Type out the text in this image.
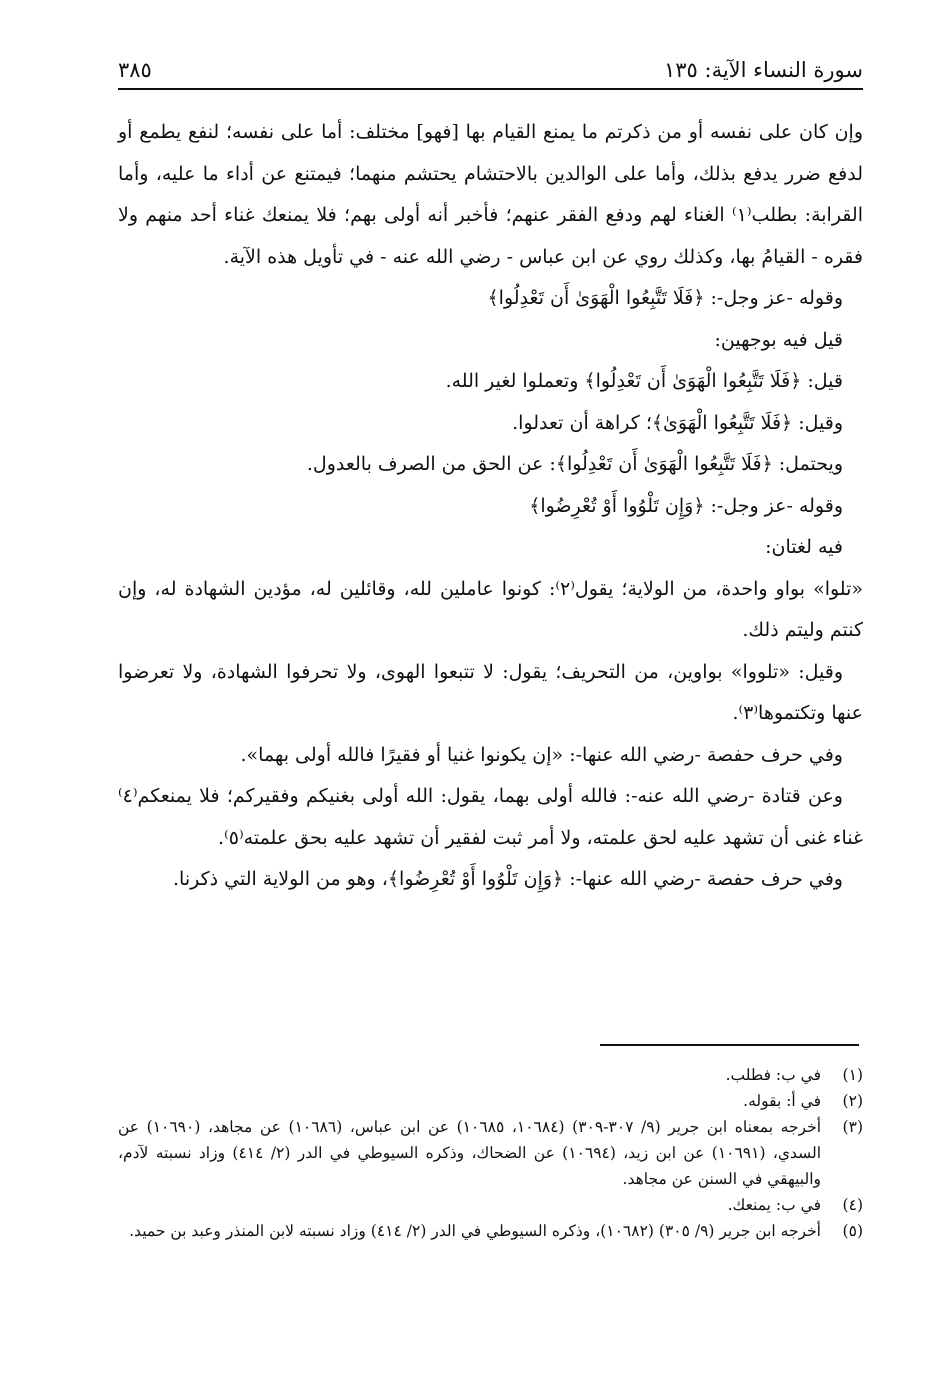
سورة النساء الآية: ١٣٥
٣٨٥

وإن كان على نفسه أو من ذكرتم ما يمنع القيام بها [فهو] مختلف: أما على نفسه؛ لنفع يطمع أو لدفع ضرر يدفع بذلك، وأما على الوالدين بالاحتشام يحتشم منهما؛ فيمتنع عن أداء ما عليه، وأما القرابة: بطلب⁽١⁾ الغناء لهم ودفع الفقر عنهم؛ فأخبر أنه أولى بهم؛ فلا يمنعك غناء أحد منهم ولا فقره - القيامُ بها، وكذلك روي عن ابن عباس - رضي الله عنه - في تأويل هذه الآية.

وقوله -عز وجل-: ﴿فَلَا تَتَّبِعُوا الْهَوَىٰ أَن تَعْدِلُوا﴾

قيل فيه بوجهين:

قيل: ﴿فَلَا تَتَّبِعُوا الْهَوَىٰ أَن تَعْدِلُوا﴾ وتعملوا لغير الله.

وقيل: ﴿فَلَا تَتَّبِعُوا الْهَوَىٰ﴾؛ كراهة أن تعدلوا.

ويحتمل: ﴿فَلَا تَتَّبِعُوا الْهَوَىٰ أَن تَعْدِلُوا﴾: عن الحق من الصرف بالعدول.

وقوله -عز وجل-: ﴿وَإِن تَلْوُوا أَوْ تُعْرِضُوا﴾

فيه لغتان:

«تلوا» بواو واحدة، من الولاية؛ يقول⁽٢⁾: كونوا عاملين لله، وقائلين له، مؤدين الشهادة له، وإن كنتم وليتم ذلك.

وقيل: «تلووا» بواوين، من التحريف؛ يقول: لا تتبعوا الهوى، ولا تحرفوا الشهادة، ولا تعرضوا عنها وتكتموها⁽٣⁾.

وفي حرف حفصة -رضي الله عنها-: «إن يكونوا غنيا أو فقيرًا فالله أولى بهما».

وعن قتادة -رضي الله عنه-: فالله أولى بهما، يقول: الله أولى بغنيكم وفقيركم؛ فلا يمنعكم⁽٤⁾ غناء غنى أن تشهد عليه لحق علمته، ولا أمر ثبت لفقير أن تشهد عليه بحق علمته⁽٥⁾.

وفي حرف حفصة -رضي الله عنها-: ﴿وَإِن تَلْوُوا أَوْ تُعْرِضُوا﴾، وهو من الولاية التي ذكرنا.

(١)
في ب: فطلب.
(٢)
في أ: بقوله.
(٣)
أخرجه بمعناه ابن جرير (٩/ ٣٠٧-٣٠٩) (١٠٦٨٤، ١٠٦٨٥) عن ابن عباس، (١٠٦٨٦) عن مجاهد، (١٠٦٩٠) عن السدي، (١٠٦٩١) عن ابن زيد، (١٠٦٩٤) عن الضحاك، وذكره السيوطي في الدر (٢/ ٤١٤) وزاد نسبته لآدم، والبيهقي في السنن عن مجاهد.
(٤)
في ب: يمنعك.
(٥)
أخرجه ابن جرير (٩/ ٣٠٥) (١٠٦٨٢)، وذكره السيوطي في الدر (٢/ ٤١٤) وزاد نسبته لابن المنذر وعبد بن حميد.
